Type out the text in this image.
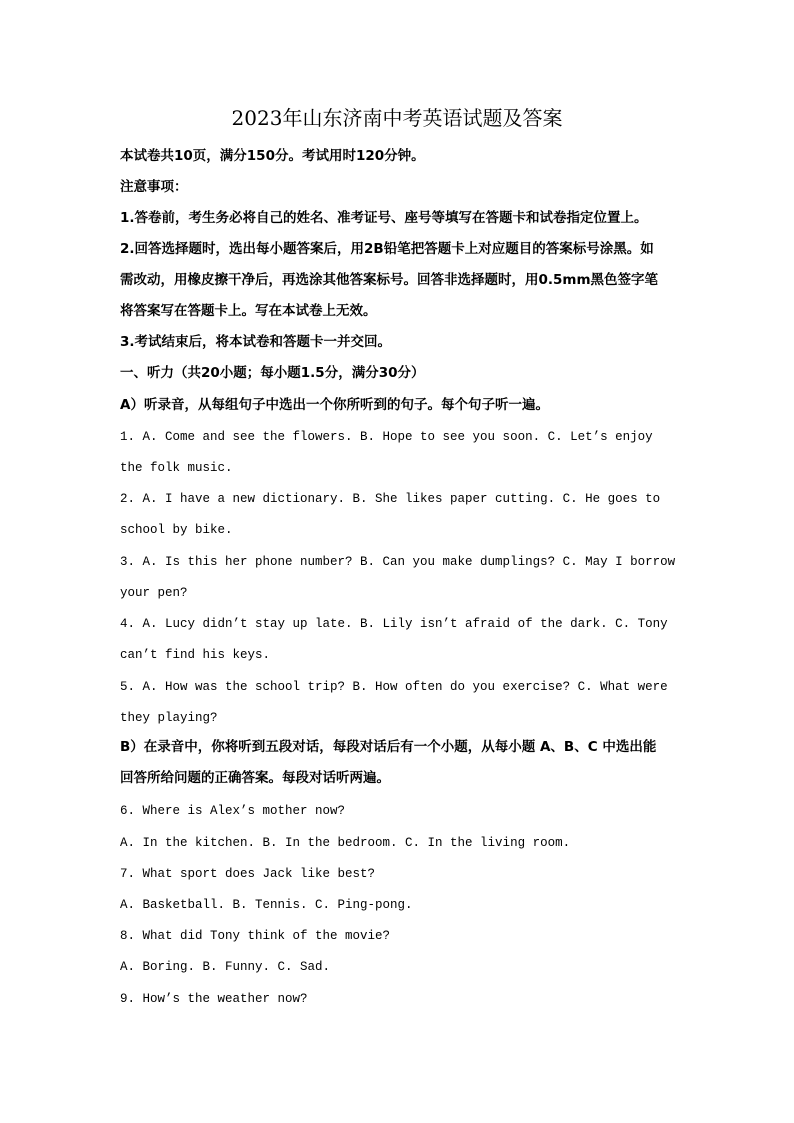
2023年山东济南中考英语试题及答案
本试卷共10页，满分150分。考试用时120分钟。
注意事项：
1.答卷前，考生务必将自己的姓名、准考证号、座号等填写在答题卡和试卷指定位置上。
2.回答选择题时，选出每小题答案后，用2B铅笔把答题卡上对应题目的答案标号涂黑。如
需改动，用橡皮擦干净后，再选涂其他答案标号。回答非选择题时，用0.5mm黑色签字笔
将答案写在答题卡上。写在本试卷上无效。
3.考试结束后，将本试卷和答题卡一并交回。
一、听力（共20小题；每小题1.5分，满分30分）
A）听录音，从每组句子中选出一个你所听到的句子。每个句子听一遍。
1. A. Come and see the flowers. B. Hope to see you soon. C. Let’s enjoy
the folk music.
2. A. I have a new dictionary. B. She likes paper cutting. C. He goes to
school by bike.
3. A. Is this her phone number? B. Can you make dumplings? C. May I borrow
your pen?
4. A. Lucy didn’t stay up late. B. Lily isn’t afraid of the dark. C. Tony
can’t find his keys.
5. A. How was the school trip? B. How often do you exercise? C. What were
they playing?
B）在录音中，你将听到五段对话，每段对话后有一个小题，从每小题 A、B、C 中选出能
回答所给问题的正确答案。每段对话听两遍。
6. Where is Alex’s mother now?
A. In the kitchen. B. In the bedroom. C. In the living room.
7. What sport does Jack like best?
A. Basketball. B. Tennis. C. Ping-pong.
8. What did Tony think of the movie?
A. Boring. B. Funny. C. Sad.
9. How’s the weather now?
